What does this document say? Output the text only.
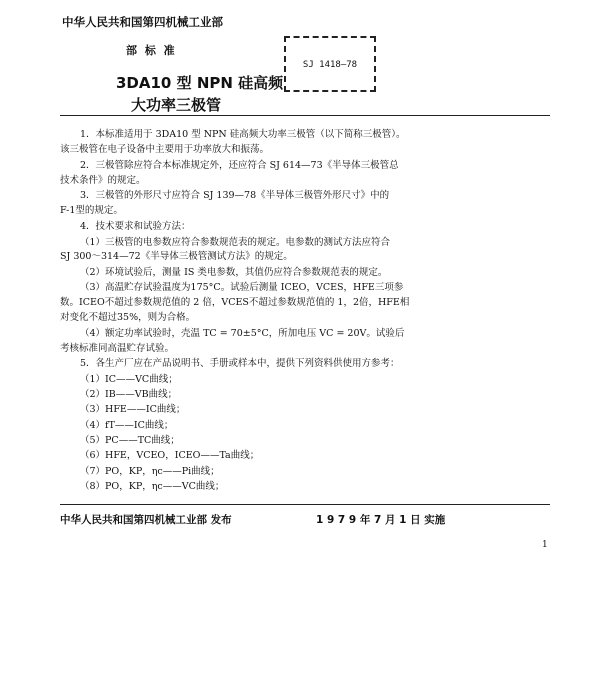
中华人民共和国第四机械工业部
部 标 准
SJ 1418—78
3DA10 型 NPN 硅高频
大功率三极管
1．本标准适用于 3DA10 型 NPN 硅高频大功率三极管（以下简称三极管）。
该三极管在电子设备中主要用于功率放大和振荡。
2．三极管除应符合本标准规定外，还应符合 SJ 614—73《半导体三极管总
技术条件》的规定。
3．三极管的外形尺寸应符合 SJ 139—78《半导体三极管外形尺寸》中的
F-1型的规定。
4．技术要求和试验方法：
（1）三极管的电参数应符合参数规范表的规定。电参数的测试方法应符合
SJ 300～314—72《半导体三极管测试方法》的规定。
（2）环境试验后，测量 IS 类电参数，其值仍应符合参数规范表的规定。
（3）高温贮存试验温度为175°C。试验后测量 ICEO，VCES，HFE三项参
数。ICEO不超过参数规范值的 2 倍，VCES不超过参数规范值的 1，2倍，HFE相
对变化不超过35%，则为合格。
（4）额定功率试验时，壳温 TC = 70±5°C，所加电压 VC = 20V。试验后
考核标准同高温贮存试验。
5．各生产厂应在产品说明书、手册或样本中，提供下列资料供使用方参考：
（1）IC——VC曲线；
（2）IB——VB曲线；
（3）HFE——IC曲线；
（4）fT——IC曲线；
（5）PC——TC曲线；
（6）HFE，VCEO，ICEO——Ta曲线；
（7）PO，KP，ηc——Pi曲线；
（8）PO，KP，ηc——VC曲线；
中华人民共和国第四机械工业部 发布	1 9 7 9 年 7 月 1 日 实施
1
